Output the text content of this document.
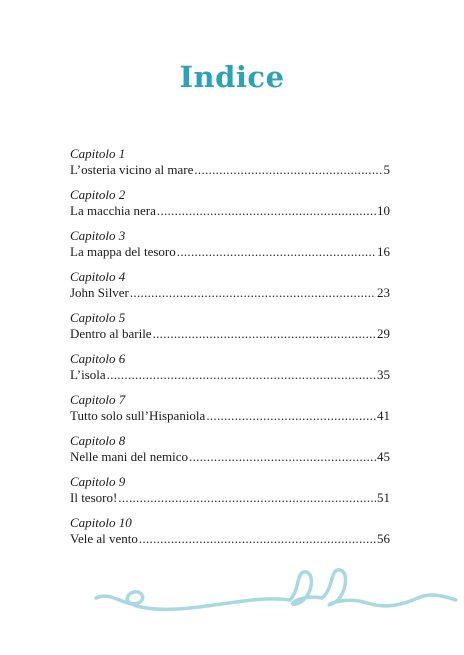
Indice
Capitolo 1
L’osteria vicino al mare .....	5
Capitolo 2
La macchia nera .....	10
Capitolo 3
La mappa del tesoro .....	16
Capitolo 4
John Silver .....	23
Capitolo 5
Dentro al barile .....	29
Capitolo 6
L’isola .....	35
Capitolo 7
Tutto solo sull’Hispaniola .....	41
Capitolo 8
Nelle mani del nemico .....	45
Capitolo 9
Il tesoro! .....	51
Capitolo 10
Vele al vento .....	56
